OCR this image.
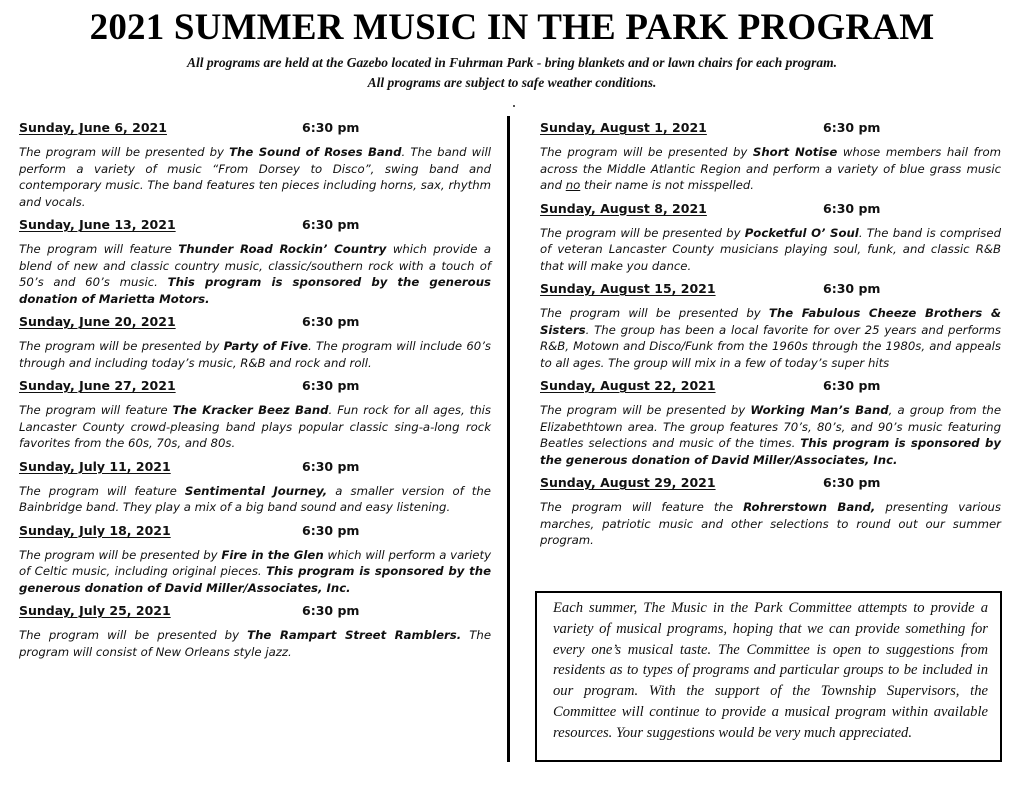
2021 SUMMER MUSIC IN THE PARK PROGRAM
All programs are held at the Gazebo located in Fuhrman Park - bring blankets and or lawn chairs for each program.
All programs are subject to safe weather conditions.
Sunday, June 6, 2021	6:30 pm
The program will be presented by The Sound of Roses Band. The band will perform a variety of music “From Dorsey to Disco”, swing band and contemporary music. The band features ten pieces including horns, sax, rhythm and vocals.
Sunday, June 13, 2021	6:30 pm
The program will feature Thunder Road Rockin’ Country which provide a blend of new and classic country music, classic/southern rock with a touch of 50’s and 60’s music. This program is sponsored by the generous donation of Marietta Motors.
Sunday, June 20, 2021	6:30 pm
The program will be presented by Party of Five. The program will include 60’s through and including today’s music, R&B and rock and roll.
Sunday, June 27, 2021	6:30 pm
The program will feature The Kracker Beez Band. Fun rock for all ages, this Lancaster County crowd-pleasing band plays popular classic sing-a-long rock favorites from the 60s, 70s, and 80s.
Sunday, July 11, 2021	6:30 pm
The program will feature Sentimental Journey, a smaller version of the Bainbridge band. They play a mix of a big band sound and easy listening.
Sunday, July 18, 2021	6:30 pm
The program will be presented by Fire in the Glen which will perform a variety of Celtic music, including original pieces. This program is sponsored by the generous donation of David Miller/Associates, Inc.
Sunday, July 25, 2021	6:30 pm
The program will be presented by The Rampart Street Ramblers. The program will consist of New Orleans style jazz.
Sunday, August 1, 2021	6:30 pm
The program will be presented by Short Notise whose members hail from across the Middle Atlantic Region and perform a variety of blue grass music and no their name is not misspelled.
Sunday, August 8, 2021	6:30 pm
The program will be presented by Pocketful O’ Soul. The band is comprised of veteran Lancaster County musicians playing soul, funk, and classic R&B that will make you dance.
Sunday, August 15, 2021	6:30 pm
The program will be presented by The Fabulous Cheeze Brothers & Sisters. The group has been a local favorite for over 25 years and performs R&B, Motown and Disco/Funk from the 1960s through the 1980s, and appeals to all ages. The group will mix in a few of today’s super hits
Sunday, August 22, 2021	6:30 pm
The program will be presented by Working Man’s Band, a group from the Elizabethtown area. The group features 70’s, 80’s, and 90’s music featuring Beatles selections and music of the times. This program is sponsored by the generous donation of David Miller/Associates, Inc.
Sunday, August 29, 2021	6:30 pm
The program will feature the Rohrerstown Band, presenting various marches, patriotic music and other selections to round out our summer program.
Each summer, The Music in the Park Committee attempts to provide a variety of musical programs, hoping that we can provide something for every one’s musical taste. The Committee is open to suggestions from residents as to types of programs and particular groups to be included in our program. With the support of the Township Supervisors, the Committee will continue to provide a musical program within available resources. Your suggestions would be very much appreciated.
